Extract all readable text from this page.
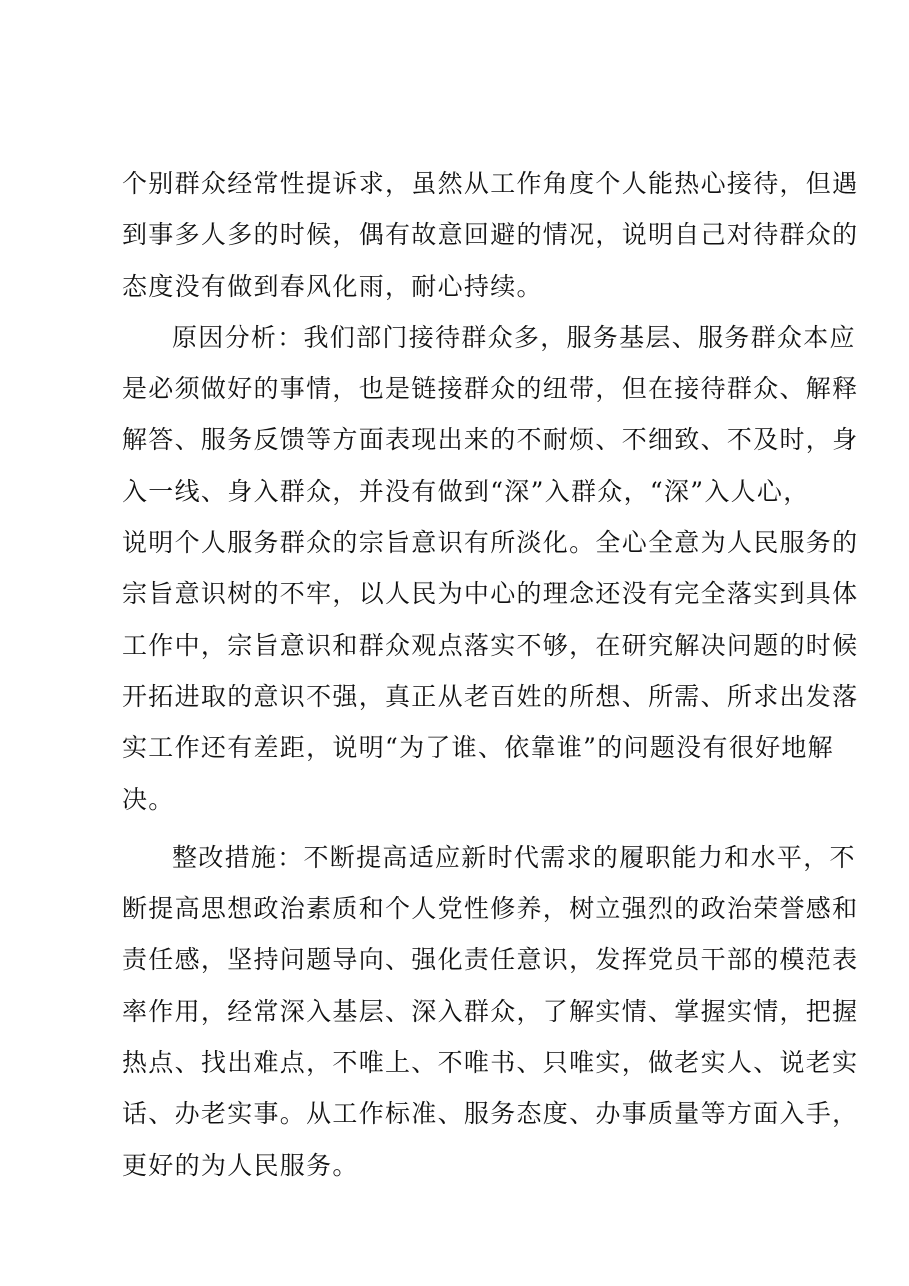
个别群众经常性提诉求，虽然从工作角度个人能热心接待，但遇
到事多人多的时候，偶有故意回避的情况，说明自己对待群众的
态度没有做到春风化雨，耐心持续。
原因分析：我们部门接待群众多，服务基层、服务群众本应
是必须做好的事情，也是链接群众的纽带，但在接待群众、解释
解答、服务反馈等方面表现出来的不耐烦、不细致、不及时，身
入一线、身入群众，并没有做到“深”入群众，“深”入人心，
说明个人服务群众的宗旨意识有所淡化。全心全意为人民服务的
宗旨意识树的不牢，以人民为中心的理念还没有完全落实到具体
工作中，宗旨意识和群众观点落实不够，在研究解决问题的时候
开拓进取的意识不强，真正从老百姓的所想、所需、所求出发落
实工作还有差距，说明“为了谁、依靠谁”的问题没有很好地解
决。
整改措施：不断提高适应新时代需求的履职能力和水平，不
断提高思想政治素质和个人党性修养，树立强烈的政治荣誉感和
责任感，坚持问题导向、强化责任意识，发挥党员干部的模范表
率作用，经常深入基层、深入群众，了解实情、掌握实情，把握
热点、找出难点，不唯上、不唯书、只唯实，做老实人、说老实
话、办老实事。从工作标准、服务态度、办事质量等方面入手，
更好的为人民服务。
